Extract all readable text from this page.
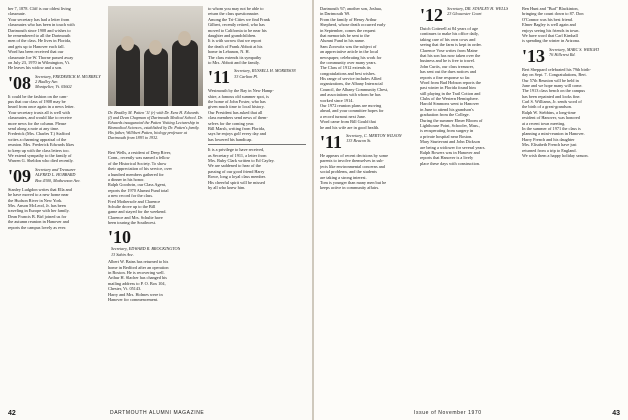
ber 7, 1878. Cliff is our oldest living
classmate.
Your secretary has had a letter from
classmates who has been in touch with
Dartmouth since 1908 and wishes to
be remembered to all the Dartmouth
men of the class. He lives in Florida,
and gets up to Hanover each fall.
Word has been received that our
classmate Joe W. Thorne passed away
on July 23, 1970 in Wilmington, Vt.
He leaves his widow and a son.
'08 Secretary, FREDERICK H. MURRELY
2 Hadley Ave.
Montpelier, Vt. 05602
It could be the fashion on the cam-
pus that our class of 1908 may be
heard from once again in a news letter.
Your secretary trusts all is well with
classmates, and would like to receive
more news for the column. Please
send along a note at any time.
Frederick (Mrs. Charles T.) Stafford
writes a charming appraisal of the
reunion. Mrs. Frederick Edwards likes
to keep up with the class letters too.
We extend sympathy to the family of
Warren G. Sheldon who died recently.
'09 Secretary and Treasurer
ALFRED L. HUBBARD
Box 4300, Mathewson Ave.
Stanley Ludgdon writes that Ella and
he have moved to a new home near
the Hudson River in New York.
Mrs. Anson McLeod, Jr. has been
traveling in Europe with her family.
Dean Francis B. Birl joined us for
the autumn reunion in Hanover and
reports the campus lovely as ever.
Dr. Bradley M. Patten '11 (r) with Dr. Ezra H. Edwards (l) and Dean Chapman of Dartmouth Medical School. Dr. Edwards inaugurated the Patten Visiting Lectureship in Biomedical Sciences, established by Dr. Patten's family. His father, Willibert Patten, biology professor at Dartmouth from 1893 to 1932.
Bert Wells, a resident of Deep River,
Conn., recently was named a fellow
of the Historical Society. To show
their appreciation of his service, over
a hundred members gathered for
a dinner in his honor.
Ralph Goodwin, our Class Agent,
reports the 1970 Alumni Fund total
a new record for the class.
Fred Mothersole and Clarence
Schulte drove up to the Bill
game and stayed for the weekend.
Clarence and Mrs. Schulte have
been touring the Southwest.
'10
Secretary, EDWARD R. BROCKINGTON
13 Sabin Ave.
Albert W. Bains has returned to his
home in Bedford after an operation
in Boston. He is recovering well.
Arthur H. Slacher has changed his
mailing address to P. O. Box 104,
Chester, Vt. 05143.
Harry and Mrs. Holmes were in
Hanover for commencement.
to whom you may not be able to
return the class questionnaire.
Among the Tri-Cities we find Frank
Gilbert, recently retired, who has
moved to California to be near his
daughter and grandchildren.
It is with sorrow that we report
the death of Frank Abbott at his
home in Lebanon, N. H.
The class extends its sympathy
to Mrs. Abbott and the family.
'11 Secretary, RUSSELL H. MORRISON
33 Carlton Pl.
Westmouth by the Bay in New Hamp-
shire, a famous old summer spot, is
the home of John Foster, who has
given much time to local history.
Our President has asked that all
class members send news of them-
selves for the coming year.
Bill Marsh, writing from Florida,
says he enjoys golf every day and
has lowered his handicap.
It is a privilege to have received,
as Secretary of 1911, a letter from
Mrs. Ruby Clark written to Ed Cayley.
We are saddened to hear of the
passing of our good friend Harry
Rowe, long a loyal class member.
His cheerful spirit will be missed
by all who knew him.
42	DARTMOUTH ALUMNI MAGAZINE
Dartmouth '67; another son, Joshua,
in Dartmouth '69.
From the family of Henry Arthur
Shepherd, whose death occurred early
in September, comes the request
that memorials be sent to the
Alumni Fund in his name.
Sam Zorowitz was the subject of
an appreciative article in the local
newspaper, celebrating his work for
the community over many years.
The Class of 1912 extends its
congratulations and best wishes.
His range of service includes Allied
organizations, the Albany Interracial
Council, the Albany Community Chest,
and associations with whom he has
worked since 1914.
Our 1972 reunion plans are moving
ahead, and your committee hopes for
a record turnout next June.
Word came from Bill Gould that
he and his wife are in good health.
'11 Secretary, C. MERTON WILSON
133 Beacon St.
He appears of recent decisions by some
parents to involve themselves in sub-
jects like environmental concerns and
social problems, and the students
are taking a strong interest.
Tom is younger than many men but he
keeps active in community affairs.
'12 Secretary, DR. STANLEY H. WELLS
23 Gloucester Court
Dutch Cotterell at 84 years of age
continues to make his office daily,
taking care of his own cows and
seeing that the farm is kept in order.
Clarence Vose writes from Maine
that his son has now taken over the
business and he is free to travel.
John Curtis, our class treasurer,
has sent out the dues notices and
reports a fine response so far.
Word from Bud Hobson reports the
past winter in Florida found him
still playing in the Trail Cotton and
Clubs of the Western Hemisphere.
Harold Simmons went to Hanover
in June to attend his grandson's
graduation from the College.
During the summer Elmer Bloom of
Lighthouse Point, Schooler, Mass.,
is recuperating from surgery in
a private hospital near Boston.
Mary Sturtevant and John Dickson
are being a widower for several years.
Ralph Bowers was in Hanover and
reports that Hanover is a lively
place these days with construction.
Ben Hunt and "Bud" Blackinton,
bringing the count down to 87. Don
O'Connor was his best friend.
Elmer Bagley is well again and
enjoys seeing his friends in town.
We have word that Carl Kimball
is spending the winter in Arizona.
'13 Secretary, MARC S. WRIGHT
76 Hillcrest Rd.
Bert Sheppard celebrated his 79th birth-
day on Sept. 7. Congratulations, Bert.
Our 57th Reunion will be held in
June and we hope many will come.
The 1913 class bench on the campus
has been repainted and looks fine.
Carl S. Williams, Jr. sends word of
the birth of a great-grandson.
Ralph W. Stebbins, a long-time
resident of Hanover, was honored
at a recent town meeting.
In the summer of 1971 the class is
planning a mini-reunion in Hanover.
Harry French and his daughter
Mrs. Elisabeth French have just
returned from a trip to England.
We wish them a happy holiday season.
Issue of November 1970	43
